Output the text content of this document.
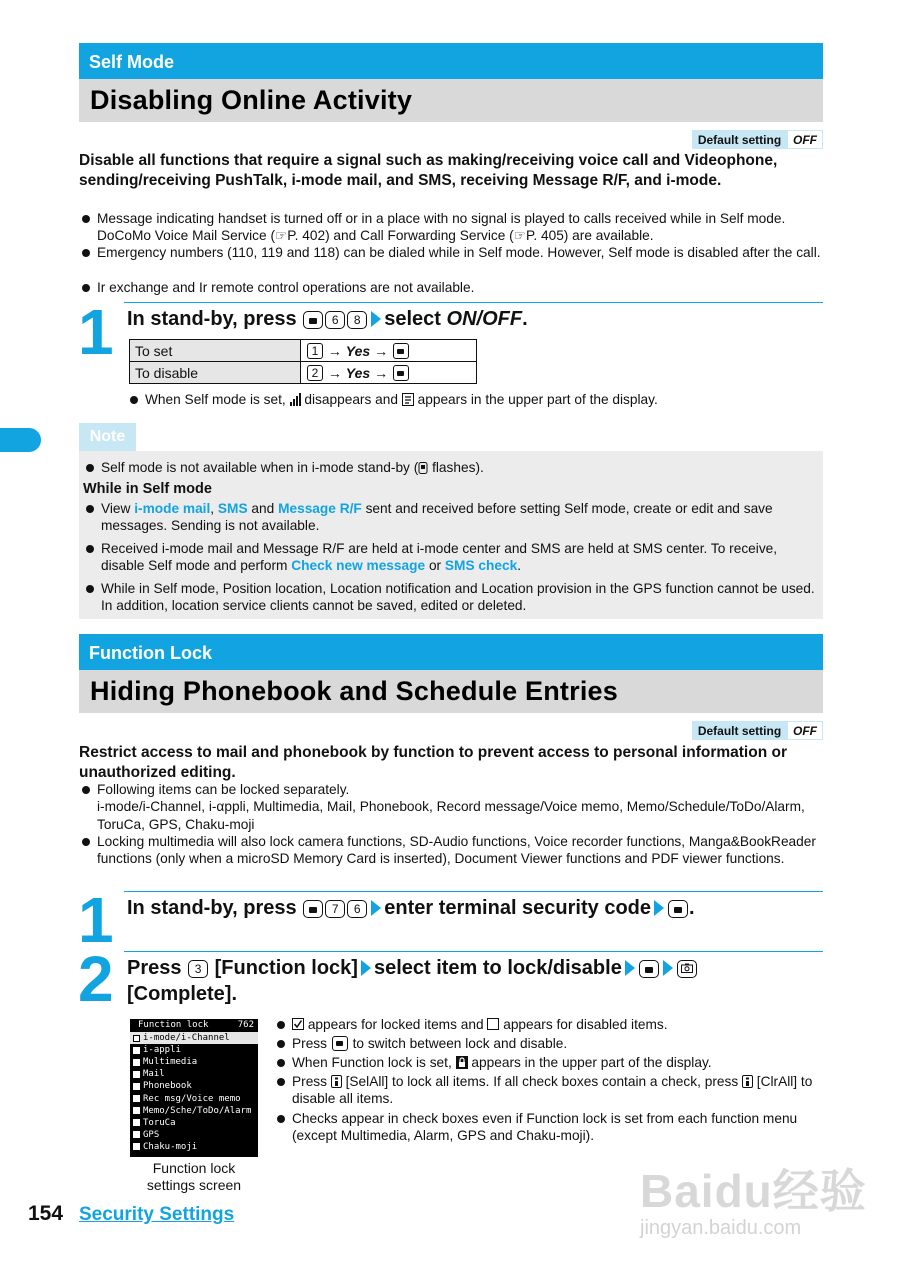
Self Mode
Disabling Online Activity
Default setting OFF
Disable all functions that require a signal such as making/receiving voice call and Videophone, sending/receiving PushTalk, i-mode mail, and SMS, receiving Message R/F, and i-mode.
Message indicating handset is turned off or in a place with no signal is played to calls received while in Self mode. DoCoMo Voice Mail Service (☞P. 402) and Call Forwarding Service (☞P. 405) are available.
Emergency numbers (110, 119 and 118) can be dialed while in Self mode. However, Self mode is disabled after the call.
Ir exchange and Ir remote control operations are not available.
1 In stand-by, press	6 8 select ON/OFF.
To set	1 → Yes →
To disable	2 → Yes →
When Self mode is set, disappears and appears in the upper part of the display.
Note
Self mode is not available when in i-mode stand-by ( flashes).
While in Self mode
View i-mode mail, SMS and Message R/F sent and received before setting Self mode, create or edit and save messages. Sending is not available.
Received i-mode mail and Message R/F are held at i-mode center and SMS are held at SMS center. To receive, disable Self mode and perform Check new message or SMS check.
While in Self mode, Position location, Location notification and Location provision in the GPS function cannot be used. In addition, location service clients cannot be saved, edited or deleted.
Function Lock
Hiding Phonebook and Schedule Entries
Default setting OFF
Restrict access to mail and phonebook by function to prevent access to personal information or unauthorized editing.
Following items can be locked separately.
i-mode/i-Channel, i-αppli, Multimedia, Mail, Phonebook, Record message/Voice memo, Memo/Schedule/ToDo/Alarm, ToruCa, GPS, Chaku-moji
Locking multimedia will also lock camera functions, SD-Audio functions, Voice recorder functions, Manga&BookReader functions (only when a microSD Memory Card is inserted), Document Viewer functions and PDF viewer functions.
1 In stand-by, press	7 6 enter terminal security code .
2 Press 3 [Function lock] select item to lock/disable
[Complete].
Function lock	762
i-mode/i-Channel
i-appli
Multimedia
Mail
Phonebook
Rec msg/Voice memo
Memo/Sche/ToDo/Alarm
ToruCa
GPS
Chaku-moji
Function lock
settings screen
appears for locked items and appears for disabled items.
Press to switch between lock and disable.
When Function lock is set, appears in the upper part of the display.
Press [SelAll] to lock all items. If all check boxes contain a check, press [ClrAll] to disable all items.
Checks appear in check boxes even if Function lock is set from each function menu (except Multimedia, Alarm, GPS and Chaku-moji).
154 Security Settings	Baidu经验
jingyan.baidu.com
